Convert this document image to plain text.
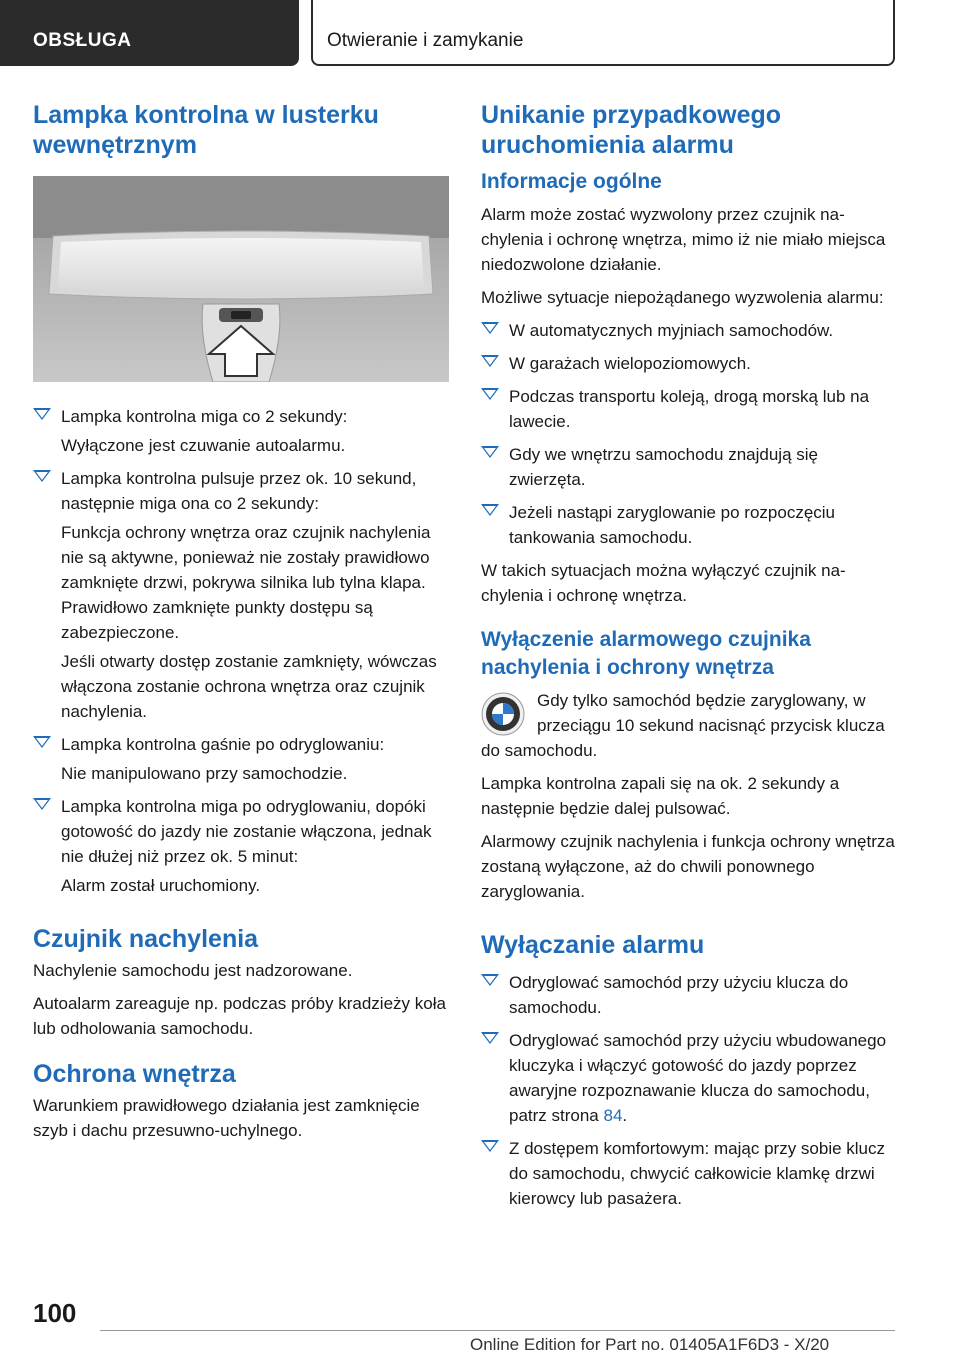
OBSŁUGA	Otwieranie i zamykanie
Lampka kontrolna w lusterku wewnętrznym

Lampka kontrolna miga co 2 sekundy:

Wyłączone jest czuwanie autoalarmu.

Lampka kontrolna pulsuje przez ok. 10 sekund, następnie miga ona co 2 sekundy:

Funkcja ochrony wnętrza oraz czujnik nachylenia nie są aktywne, ponieważ nie zostały prawidłowo zamknięte drzwi, pokrywa silnika lub tylna klapa. Prawidłowo zamknięte punkty dostępu są zabezpieczone.

Jeśli otwarty dostęp zostanie zamknięty, wówczas włączona zostanie ochrona wnętrza oraz czujnik nachylenia.

Lampka kontrolna gaśnie po odryglowaniu:

Nie manipulowano przy samochodzie.

Lampka kontrolna miga po odryglowaniu, dopóki gotowość do jazdy nie zostanie włączona, jednak nie dłużej niż przez ok. 5 minut:

Alarm został uruchomiony.

Czujnik nachylenia

Nachylenie samochodu jest nadzorowane.

Autoalarm zareaguje np. podczas próby kradzieży koła lub odholowania samochodu.

Ochrona wnętrza

Warunkiem prawidłowego działania jest zamknięcie szyb i dachu przesuwno-uchylnego.

Unikanie przypadkowego uruchomienia alarmu
Informacje ogólne

Alarm może zostać wyzwolony przez czujnik nachylenia i ochronę wnętrza, mimo iż nie miało miejsca niedozwolone działanie.

Możliwe sytuacje niepożądanego wyzwolenia alarmu:

W automatycznych myjniach samochodów.

W garażach wielopoziomowych.

Podczas transportu koleją, drogą morską lub na lawecie.

Gdy we wnętrzu samochodu znajdują się zwierzęta.

Jeżeli nastąpi zaryglowanie po rozpoczęciu tankowania samochodu.

W takich sytuacjach można wyłączyć czujnik nachylenia i ochronę wnętrza.

Wyłączenie alarmowego czujnika nachylenia i ochrony wnętrza

Gdy tylko samochód będzie zaryglowany, w przeciągu 10 sekund nacisnąć przycisk klucza do samochodu.

Lampka kontrolna zapali się na ok. 2 sekundy a następnie będzie dalej pulsować.

Alarmowy czujnik nachylenia i funkcja ochrony wnętrza zostaną wyłączone, aż do chwili ponownego zaryglowania.

Wyłączanie alarmu

Odryglować samochód przy użyciu klucza do samochodu.

Odryglować samochód przy użyciu wbudowanego kluczyka i włączyć gotowość do jazdy poprzez awaryjne rozpoznawanie klucza do samochodu, patrz strona 84.

Z dostępem komfortowym: mając przy sobie klucz do samochodu, chwycić całkowicie klamkę drzwi kierowcy lub pasażera.

100
Online Edition for Part no. 01405A1F6D3 - X/20
